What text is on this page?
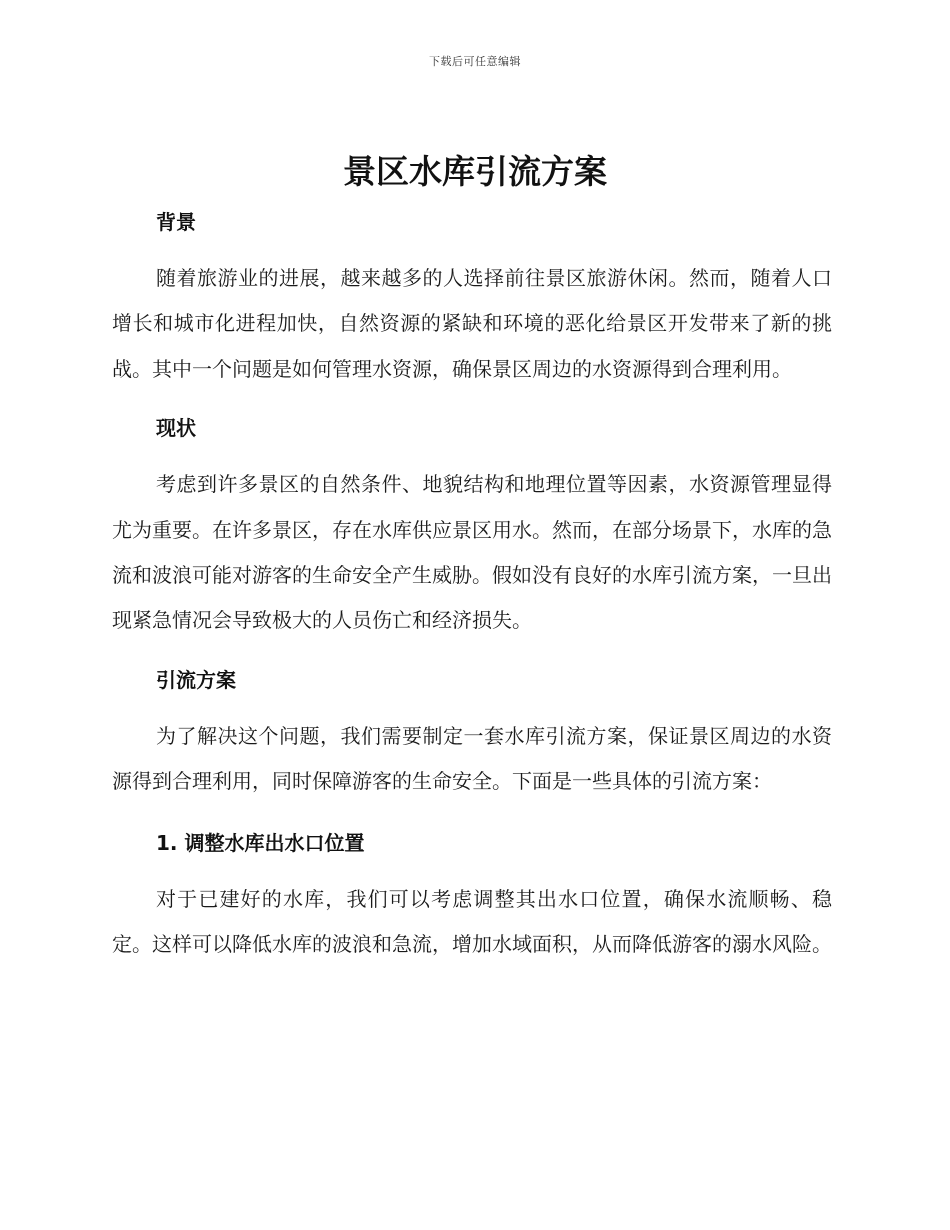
下载后可任意编辑
景区水库引流方案
背景

随着旅游业的进展，越来越多的人选择前往景区旅游休闲。然而，随着人口增长和城市化进程加快，自然资源的紧缺和环境的恶化给景区开发带来了新的挑战。其中一个问题是如何管理水资源，确保景区周边的水资源得到合理利用。

现状

考虑到许多景区的自然条件、地貌结构和地理位置等因素，水资源管理显得尤为重要。在许多景区，存在水库供应景区用水。然而，在部分场景下，水库的急流和波浪可能对游客的生命安全产生威胁。假如没有良好的水库引流方案，一旦出现紧急情况会导致极大的人员伤亡和经济损失。

引流方案

为了解决这个问题，我们需要制定一套水库引流方案，保证景区周边的水资源得到合理利用，同时保障游客的生命安全。下面是一些具体的引流方案：

1. 调整水库出水口位置

对于已建好的水库，我们可以考虑调整其出水口位置，确保水流顺畅、稳定。这样可以降低水库的波浪和急流，增加水域面积，从而降低游客的溺水风险。
